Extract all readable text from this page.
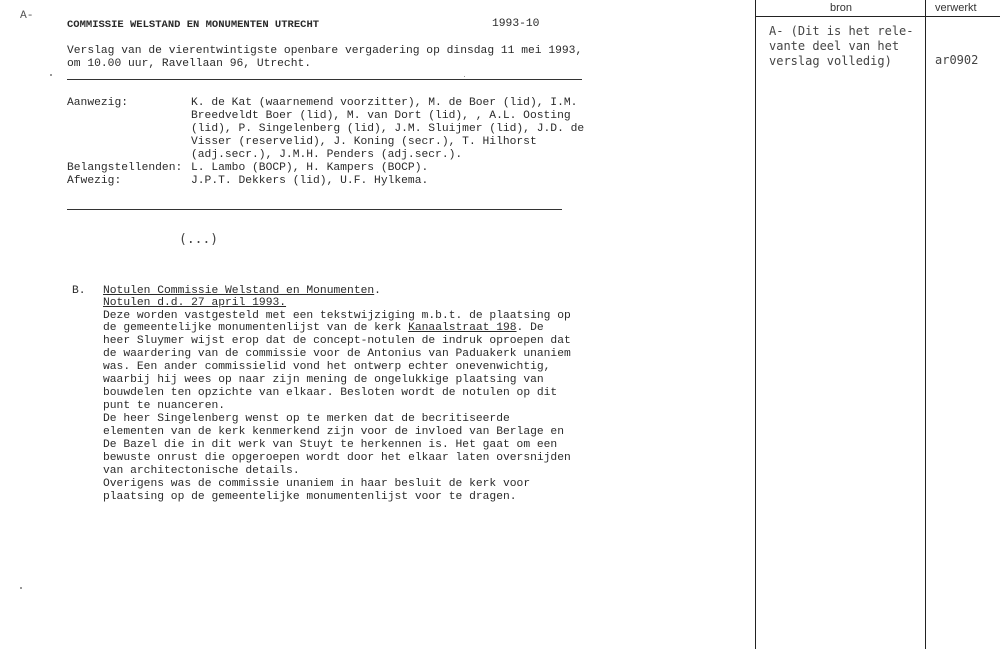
A-
COMMISSIE WELSTAND EN MONUMENTEN UTRECHT	1993-10
Verslag van de vierentwintigste openbare vergadering op dinsdag 11 mei 1993,
om 10.00 uur, Ravellaan 96, Utrecht.
Aanwezig:	K. de Kat (waarnemend voorzitter), M. de Boer (lid), I.M.
Breedveldt Boer (lid), M. van Dort (lid), , A.L. Oosting
(lid), P. Singelenberg (lid), J.M. Sluijmer (lid), J.D. de
Visser (reservelid), J. Koning (secr.), T. Hilhorst
(adj.secr.), J.M.H. Penders (adj.secr.).
Belangstellenden: L. Lambo (BOCP), H. Kampers (BOCP).
Afwezig:	J.P.T. Dekkers (lid), U.F. Hylkema.
(...)
B. Notulen Commissie Welstand en Monumenten.
Notulen d.d. 27 april 1993.
Deze worden vastgesteld met een tekstwijziging m.b.t. de plaatsing op
de gemeentelijke monumentenlijst van de kerk Kanaalstraat 198. De
heer Sluymer wijst erop dat de concept-notulen de indruk oproepen dat
de waardering van de commissie voor de Antonius van Paduakerk unaniem
was. Een ander commissielid vond het ontwerp echter onevenwichtig,
waarbij hij wees op naar zijn mening de ongelukkige plaatsing van
bouwdelen ten opzichte van elkaar. Besloten wordt de notulen op dit
punt te nuanceren.
De heer Singelenberg wenst op te merken dat de becritiseerde
elementen van de kerk kenmerkend zijn voor de invloed van Berlage en
De Bazel die in dit werk van Stuyt te herkennen is. Het gaat om een
bewuste onrust die opgeroepen wordt door het elkaar laten oversnijden
van architectonische details.
Overigens was de commissie unaniem in haar besluit de kerk voor
plaatsing op de gemeentelijke monumentenlijst voor te dragen.
bron	verwerkt
A- (Dit is het rele-
vante deel van het
verslag volledig)	ar0902
